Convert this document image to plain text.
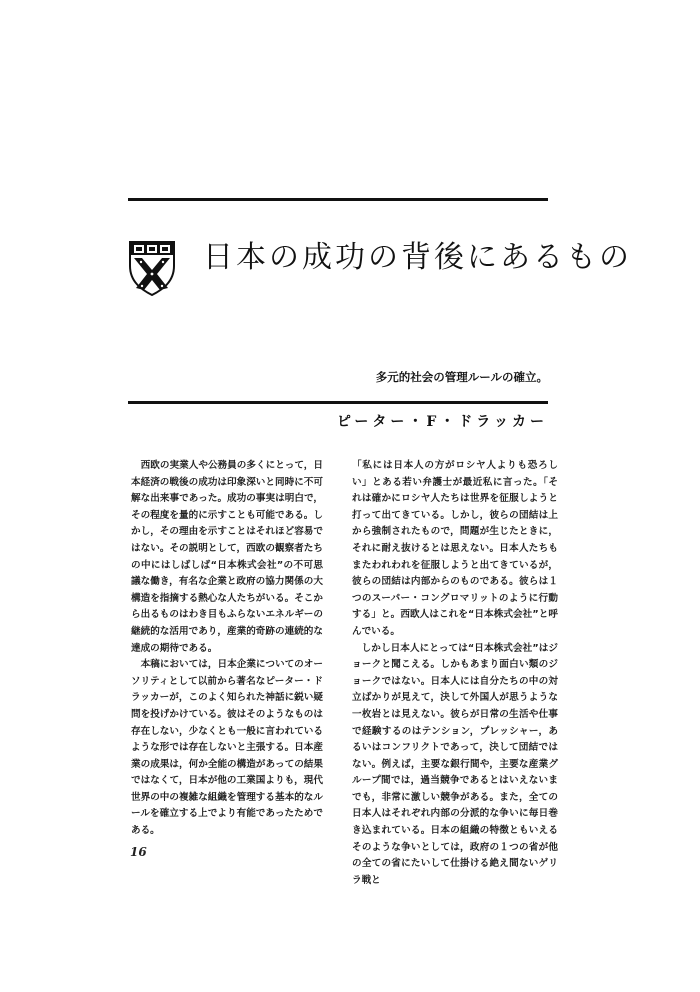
日本の成功の背後にあるもの
多元的社会の管理ルールの確立。
ピーター・F・ドラッカー

西欧の実業人や公務員の多くにとって，日本経済の戦後の成功は印象深いと同時に不可解な出来事であった。成功の事実は明白で，その程度を量的に示すことも可能である。しかし，その理由を示すことはそれほど容易ではない。その説明として，西欧の観察者たちの中にはしばしば“日本株式会社”の不可思議な働き，有名な企業と政府の協力関係の大構造を指摘する熱心な人たちがいる。そこから出るものはわき目もふらないエネルギーの継続的な活用であり，産業的奇跡の連続的な達成の期待である。

本稿においては，日本企業についてのオーソリティとして以前から著名なピーター・ドラッカーが，このよく知られた神話に鋭い疑問を投げかけている。彼はそのようなものは存在しない，少なくとも一般に言われているような形では存在しないと主張する。日本産業の成果は，何か全能の構造があっての結果ではなくて，日本が他の工業国よりも，現代世界の中の複雑な組織を管理する基本的なルールを確立する上でより有能であったためである。

「私には日本人の方がロシヤ人よりも恐ろしい」とある若い弁護士が最近私に言った。「それは確かにロシヤ人たちは世界を征服しようと打って出てきている。しかし，彼らの団結は上から強制されたもので，問題が生じたときに，それに耐え抜けるとは思えない。日本人たちもまたわれわれを征服しようと出てきているが，彼らの団結は内部からのものである。彼らは１つのスーパー・コングロマリットのように行動する」と。西欧人はこれを“日本株式会社”と呼んでいる。

しかし日本人にとっては“日本株式会社”はジョークと聞こえる。しかもあまり面白い類のジョークではない。日本人には自分たちの中の対立ばかりが見えて，決して外国人が思うような一枚岩とは見えない。彼らが日常の生活や仕事で経験するのはテンション，プレッシャー，あるいはコンフリクトであって，決して団結ではない。例えば，主要な銀行間や，主要な産業グループ間では，過当競争であるとはいえないまでも，非常に激しい競争がある。また，全ての日本人はそれぞれ内部の分派的な争いに毎日巻き込まれている。日本の組織の特徴ともいえるそのような争いとしては，政府の１つの省が他の全ての省にたいして仕掛ける絶え間ないゲリラ戦と

16
